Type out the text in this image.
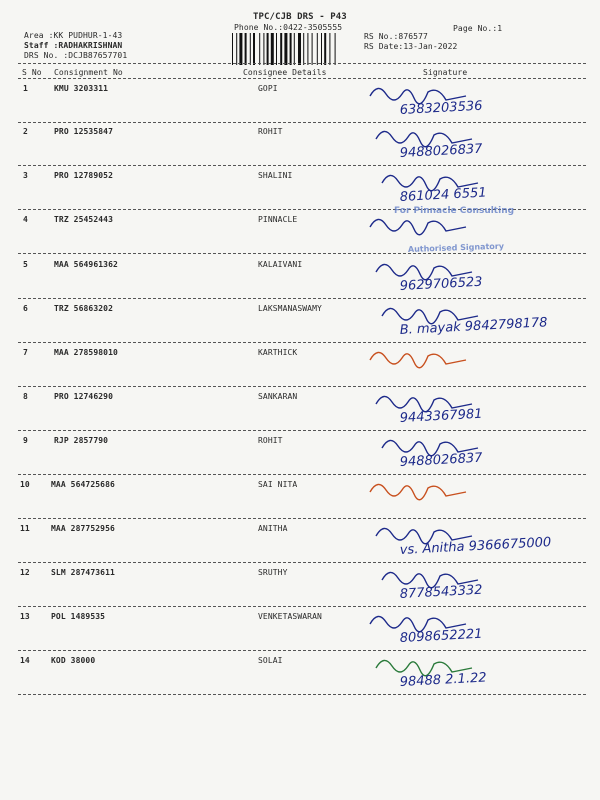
TPC/CJB DRS - P43
Phone No.:0422-3505555
Area :KK PUDHUR-1-43
Staff :RADHAKRISHNAN
DRS No. :DCJB87657701
RS No.:876577
RS Date:13-Jan-2022
Page No.:1
S No Consignment No	Consignee Details	Signature
1	KMU 3203311	GOPI
6383203536
2	PRO 12535847	ROHIT
9488026837
3	PRO 12789052	SHALINI
861024 6551
4	TRZ 25452443	PINNACLE
5	MAA 564961362	KALAIVANI
9629706523
6	TRZ 56863202	LAKSMANASWAMY
B. mayak 9842798178
7	MAA 278598010	KARTHICK
8	PRO 12746290	SANKARAN
9443367981
9	RJP 2857790	ROHIT
9488026837
10	MAA 564725686	SAI NITA
11	MAA 287752956	ANITHA
vs. Anitha 9366675000
12	SLM 287473611	SRUTHY
8778543332
13	POL 1489535	VENKETASWARAN
8098652221
14	KOD 38000	SOLAI
98488 2.1.22
For Pinnacle Consulting
Authorised Signatory
